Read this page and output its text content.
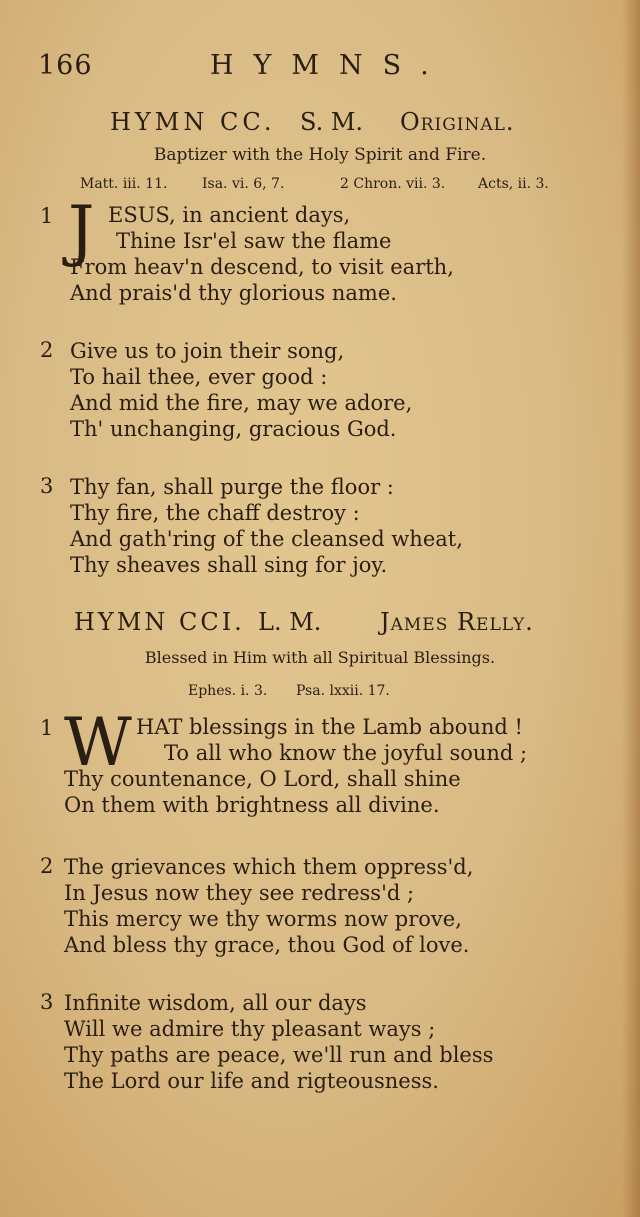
166	HYMNS.
HYMN CC. S. M. Original.
Baptizer with the Holy Spirit and Fire.
Matt. iii. 11. Isa. vi. 6, 7.	2 Chron. vii. 3. Acts, ii. 3.
1 J ESUS, in ancient days,
Thine Isr'el saw the flame
From heav'n descend, to visit earth,
And prais'd thy glorious name.
2 Give us to join their song,
To hail thee, ever good :
And mid the fire, may we adore,
Th' unchanging, gracious God.
3 Thy fan, shall purge the floor :
Thy fire, the chaff destroy :
And gath'ring of the cleansed wheat,
Thy sheaves shall sing for joy.
HYMN CCI. L. M. James Relly.
Blessed in Him with all Spiritual Blessings.
Ephes. i. 3. Psa. lxxii. 17.
1 W HAT blessings in the Lamb abound !
To all who know the joyful sound ;
Thy countenance, O Lord, shall shine
On them with brightness all divine.
2 The grievances which them oppress'd,
In Jesus now they see redress'd ;
This mercy we thy worms now prove,
And bless thy grace, thou God of love.
3 Infinite wisdom, all our days
Will we admire thy pleasant ways ;
Thy paths are peace, we'll run and bless
The Lord our life and rigteousness.
